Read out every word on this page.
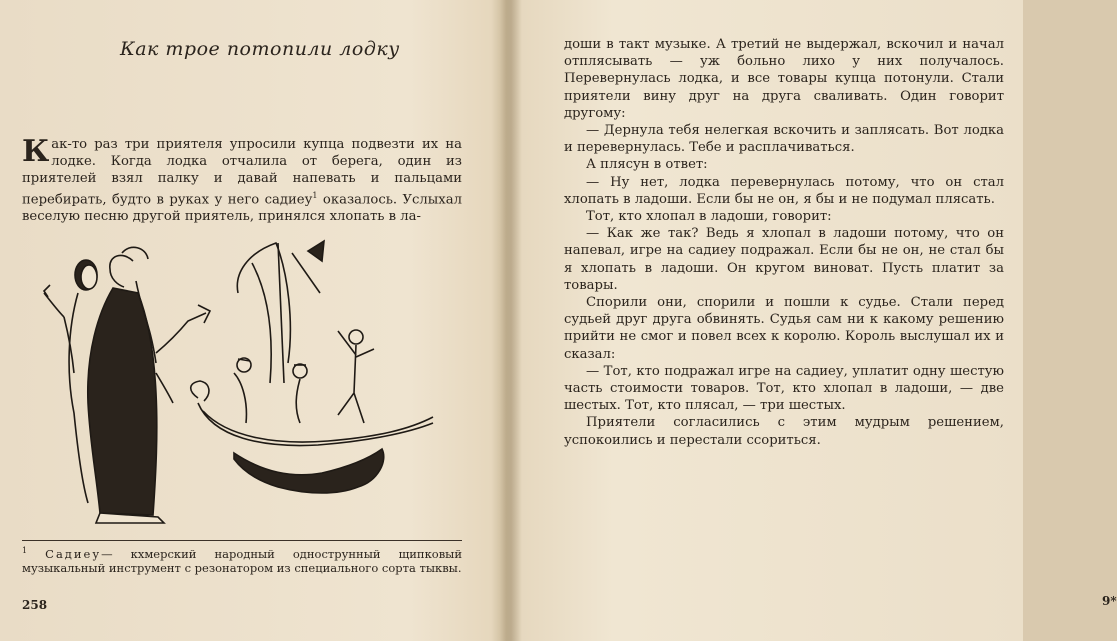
Как трое потопили лодку
Как-то раз три приятеля упросили купца подвезти их на лодке. Когда лодка отчалила от берега, один из приятелей взял палку и давай напевать и пальцами перебирать, будто в руках у него садиеу$^1$ оказалось. Услыхал веселую песню другой приятель, принялся хлопать в ла-
$^1$ Садиеу— кхмерский народный однострунный щипковый музыкальный инструмент с резонатором из специального сорта тыквы.
258

доши в такт музыке. А третий не выдержал, вскочил и начал отплясывать — уж больно лихо у них получалось. Перевернулась лодка, и все товары купца потонули. Стали приятели вину друг на друга сваливать. Один говорит другому:

— Дернула тебя нелегкая вскочить и заплясать. Вот лодка и перевернулась. Тебе и расплачиваться.

А плясун в ответ:

— Ну нет, лодка перевернулась потому, что он стал хлопать в ладоши. Если бы не он, я бы и не подумал плясать.

Тот, кто хлопал в ладоши, говорит:

— Как же так? Ведь я хлопал в ладоши потому, что он напевал, игре на садиеу подражал. Если бы не он, не стал бы я хлопать в ладоши. Он кругом виноват. Пусть платит за товары.

Спорили они, спорили и пошли к судье. Стали перед судьей друг друга обвинять. Судья сам ни к какому решению прийти не смог и повел всех к королю. Король выслушал их и сказал:

— Тот, кто подражал игре на садиеу, уплатит одну шестую часть стоимости товаров. Тот, кто хлопал в ладоши, — две шестых. Тот, кто плясал, — три шестых.

Приятели согласились с этим мудрым решением, успокоились и перестали ссориться.

9*
